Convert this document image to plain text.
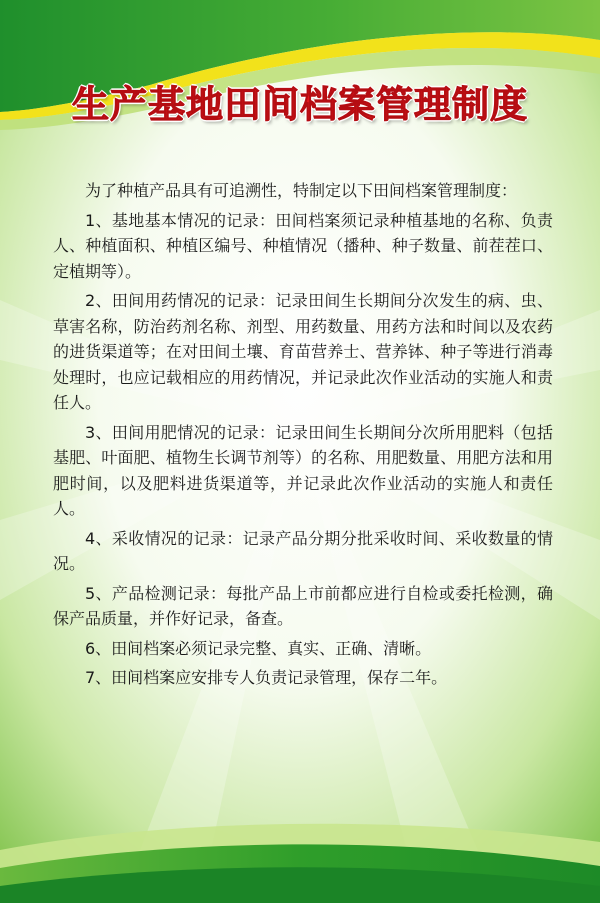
生产基地田间档案管理制度

为了种植产品具有可追溯性，特制定以下田间档案管理制度：

1、基地基本情况的记录：田间档案须记录种植基地的名称、负责人、种植面积、种植区编号、种植情况（播种、种子数量、前茬茬口、定植期等）。

2、田间用药情况的记录：记录田间生长期间分次发生的病、虫、草害名称，防治药剂名称、剂型、用药数量、用药方法和时间以及农药的进货渠道等；在对田间土壤、育苗营养士、营养钵、种子等进行消毒处理时，也应记载相应的用药情况，并记录此次作业活动的实施人和责任人。

3、田间用肥情况的记录：记录田间生长期间分次所用肥料（包括基肥、叶面肥、植物生长调节剂等）的名称、用肥数量、用肥方法和用肥时间，以及肥料进货渠道等，并记录此次作业活动的实施人和责任人。

4、采收情况的记录：记录产品分期分批采收时间、采收数量的情况。

5、产品检测记录：每批产品上市前都应进行自检或委托检测，确保产品质量，并作好记录，备查。

6、田间档案必须记录完整、真实、正确、清晰。

7、田间档案应安排专人负责记录管理，保存二年。
